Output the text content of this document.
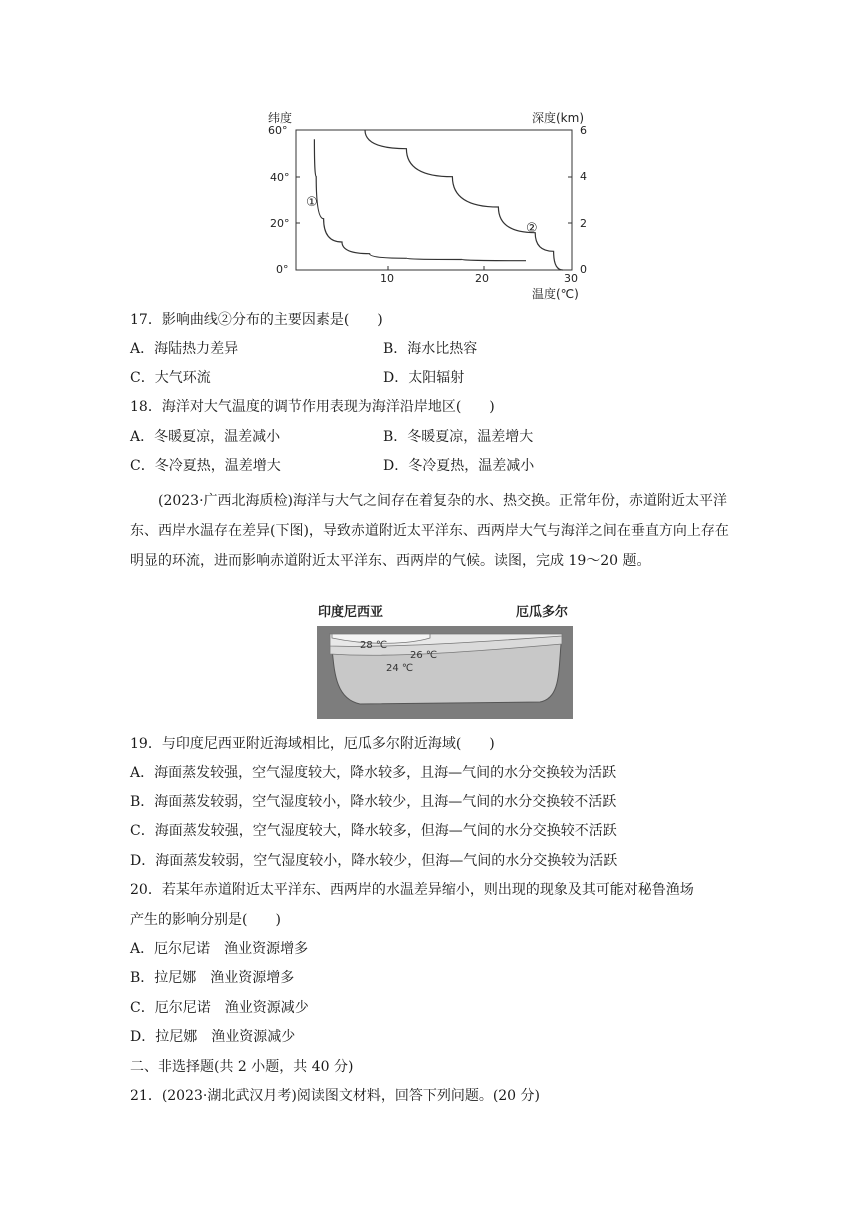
纬度	深度(km)
温度(℃)
60°
40°
20°
0°
6
4
2
0
10	20	30
①
②
17．影响曲线②分布的主要因素是(　　)
A．海陆热力差异	B．海水比热容
C．大气环流	D．太阳辐射
18．海洋对大气温度的调节作用表现为海洋沿岸地区(　　)
A．冬暖夏凉，温差减小	B．冬暖夏凉，温差增大
C．冬冷夏热，温差增大	D．冬冷夏热，温差减小
(2023·广西北海质检)海洋与大气之间存在着复杂的水、热交换。正常年份，赤道附近太平洋东、西岸水温存在差异(下图)，导致赤道附近太平洋东、西两岸大气与海洋之间在垂直方向上存在明显的环流，进而影响赤道附近太平洋东、西两岸的气候。读图，完成 19～20 题。
印度尼西亚	厄瓜多尔
28 ℃
26 ℃
24 ℃
19．与印度尼西亚附近海域相比，厄瓜多尔附近海域(　　)
A．海面蒸发较强，空气湿度较大，降水较多，且海—气间的水分交换较为活跃
B．海面蒸发较弱，空气湿度较小，降水较少，且海—气间的水分交换较不活跃
C．海面蒸发较强，空气湿度较大，降水较多，但海—气间的水分交换较不活跃
D．海面蒸发较弱，空气湿度较小，降水较少，但海—气间的水分交换较为活跃
20．若某年赤道附近太平洋东、西两岸的水温差异缩小，则出现的现象及其可能对秘鲁渔场
产生的影响分别是(　　)
A．厄尔尼诺　渔业资源增多
B．拉尼娜　渔业资源增多
C．厄尔尼诺　渔业资源减少
D．拉尼娜　渔业资源减少
二、非选择题(共 2 小题，共 40 分)
21．(2023·湖北武汉月考)阅读图文材料，回答下列问题。(20 分)
